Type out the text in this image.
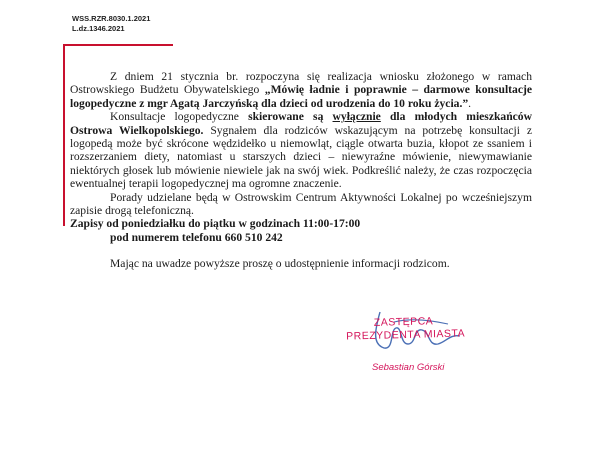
WSS.RZR.8030.1.2021
L.dz.1346.2021

Z dniem 21 stycznia br. rozpoczyna się realizacja wniosku złożonego w ramach Ostrowskiego Budżetu Obywatelskiego „Mówię ładnie i poprawnie – darmowe konsultacje logopedyczne z mgr Agatą Jarczyńską dla dzieci od urodzenia do 10 roku życia.”.

Konsultacje logopedyczne skierowane są wyłącznie dla młodych mieszkańców Ostrowa Wielkopolskiego. Sygnałem dla rodziców wskazującym na potrzebę konsultacji z logopedą może być skrócone wędzidełko u niemowląt, ciągle otwarta buzia, kłopot ze ssaniem i rozszerzaniem diety, natomiast u starszych dzieci – niewyraźne mówienie, niewymawianie niektórych głosek lub mówienie niewiele jak na swój wiek. Podkreślić należy, że czas rozpoczęcia ewentualnej terapii logopedycznej ma ogromne znaczenie.

Porady udzielane będą w Ostrowskim Centrum Aktywności Lokalnej po wcześniejszym zapisie drogą telefoniczną.

Zapisy od poniedziałku do piątku w godzinach 11:00-17:00
pod numerem telefonu 660 510 242

Mając na uwadze powyższe proszę o udostępnienie informacji rodzicom.

ZASTĘPCA
PREZYDENTA MIASTA
Sebastian Górski
